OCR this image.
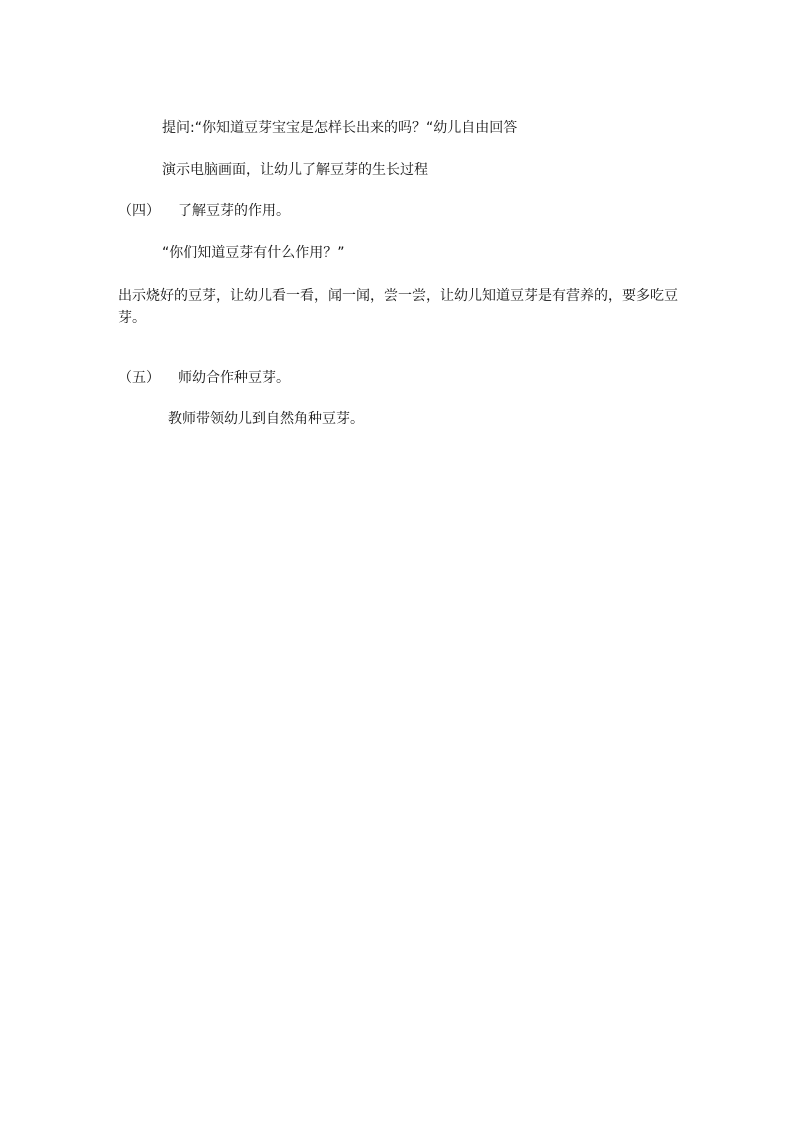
提问:“你知道豆芽宝宝是怎样长出来的吗？“幼儿自由回答
演示电脑画面，让幼儿了解豆芽的生长过程
（四） 了解豆芽的作用。
“你们知道豆芽有什么作用？”
出示烧好的豆芽，让幼儿看一看，闻一闻，尝一尝，让幼儿知道豆芽是有营养的，要多吃豆芽。
（五） 师幼合作种豆芽。
教师带领幼儿到自然角种豆芽。
